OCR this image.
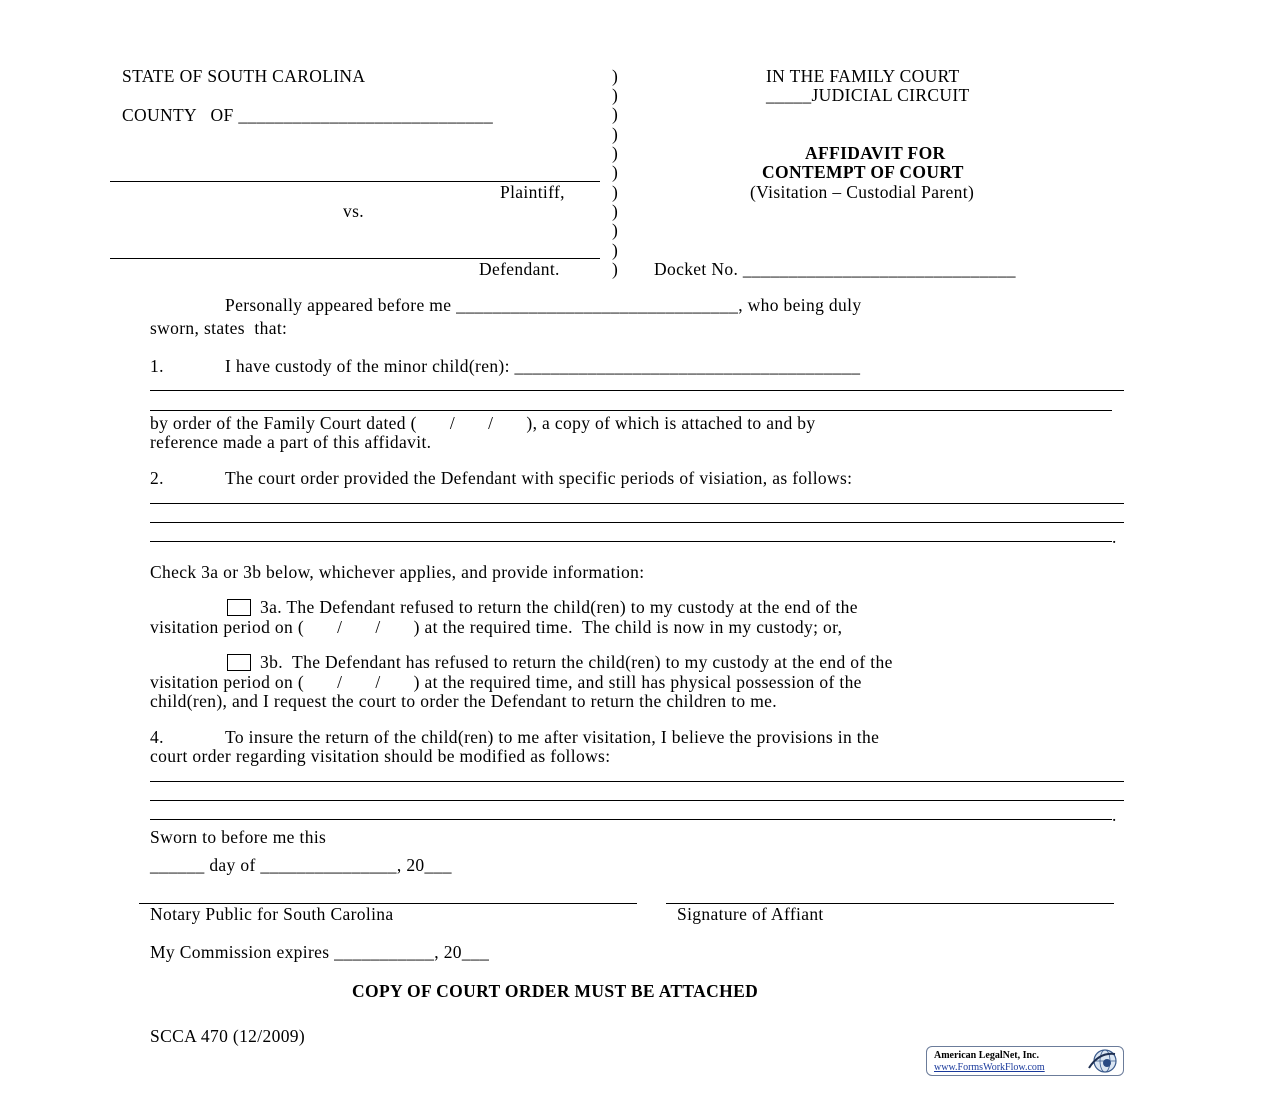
STATE OF SOUTH CAROLINA
COUNTY   OF ____________________________
Plaintiff,
vs.
Defendant.
)
)
)
)
)
)
)
)
)
)
)
IN THE FAMILY COURT
_____JUDICIAL CIRCUIT
AFFIDAVIT FOR
CONTEMPT OF COURT
(Visitation – Custodial Parent)
Docket No. ______________________________
Personally appeared before me _______________________________, who being duly
sworn, states  that:
1.	I have custody of the minor child(ren): ______________________________________
by order of the Family Court dated (       /       /       ), a copy of which is attached to and by
reference made a part of this affidavit.
2.	The court order provided the Defendant with specific periods of visiation, as follows:
.
Check 3a or 3b below, whichever applies, and provide information:
3a. The Defendant refused to return the child(ren) to my custody at the end of the
visitation period on (       /       /       ) at the required time.  The child is now in my custody; or,
3b.  The Defendant has refused to return the child(ren) to my custody at the end of the
visitation period on (       /       /       ) at the required time, and still has physical possession of the
child(ren), and I request the court to order the Defendant to return the children to me.
4.	To insure the return of the child(ren) to me after visitation, I believe the provisions in the
court order regarding visitation should be modified as follows:
.
Sworn to before me this
______ day of _______________, 20___
Notary Public for South Carolina	Signature of Affiant
My Commission expires ___________, 20___
COPY OF COURT ORDER MUST BE ATTACHED
SCCA 470 (12/2009)
American LegalNet, Inc.
www.FormsWorkFlow.com
